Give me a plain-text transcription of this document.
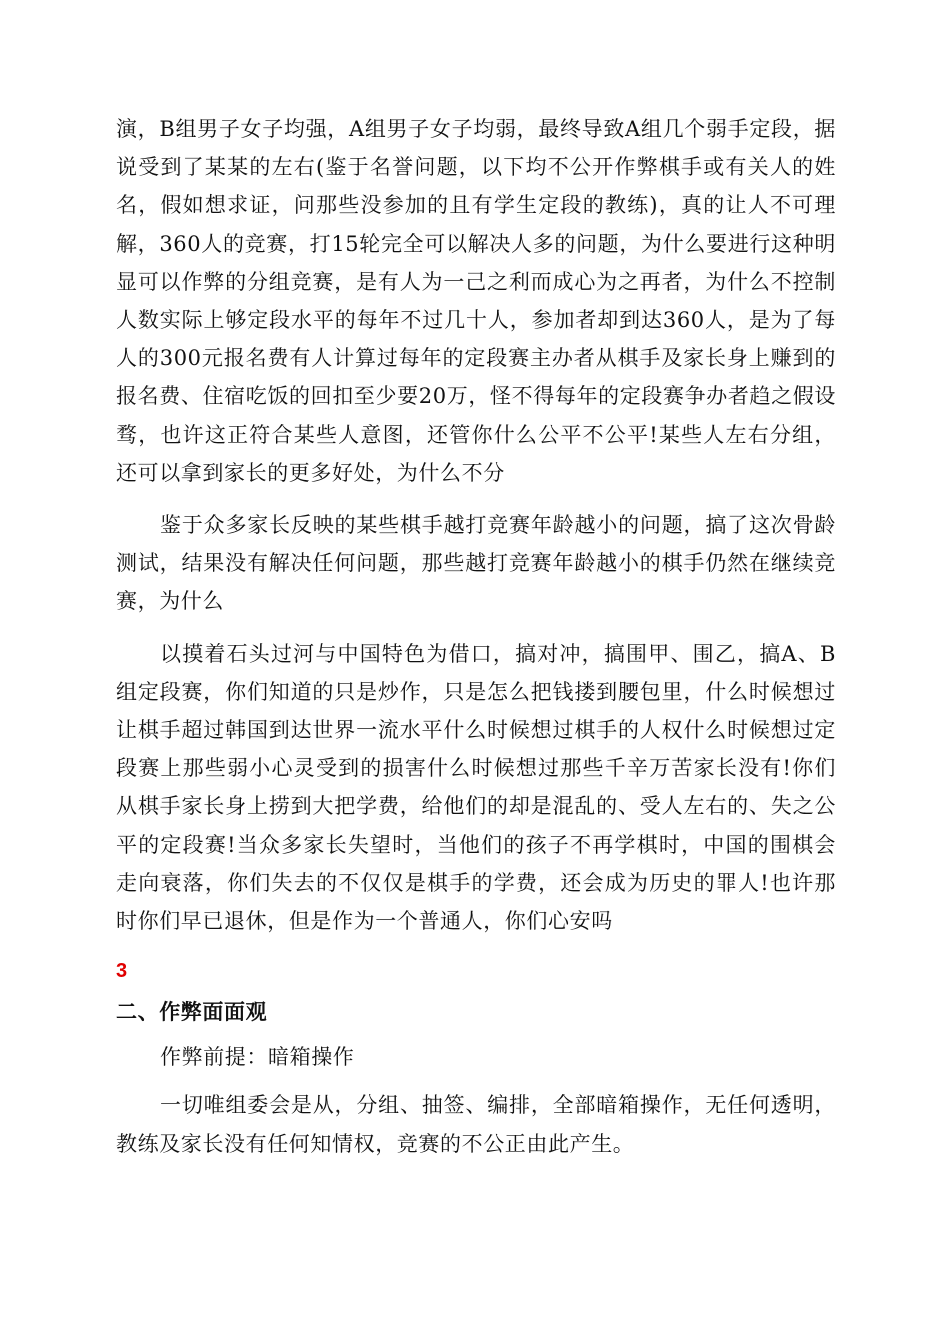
演，B组男子女子均强，A组男子女子均弱，最终导致A组几个弱手定段，据说受到了某某的左右(鉴于名誉问题，以下均不公开作弊棋手或有关人的姓名，假如想求证，问那些没参加的且有学生定段的教练)，真的让人不可理解，360人的竞赛，打15轮完全可以解决人多的问题，为什么要进行这种明显可以作弊的分组竞赛，是有人为一己之利而成心为之再者，为什么不控制人数实际上够定段水平的每年不过几十人，参加者却到达360人，是为了每人的300元报名费有人计算过每年的定段赛主办者从棋手及家长身上赚到的报名费、住宿吃饭的回扣至少要20万，怪不得每年的定段赛争办者趋之假设骛，也许这正符合某些人意图，还管你什么公平不公平!某些人左右分组，还可以拿到家长的更多好处，为什么不分

鉴于众多家长反映的某些棋手越打竞赛年龄越小的问题，搞了这次骨龄测试，结果没有解决任何问题，那些越打竞赛年龄越小的棋手仍然在继续竞赛，为什么

以摸着石头过河与中国特色为借口，搞对冲，搞围甲、围乙，搞A、B组定段赛，你们知道的只是炒作，只是怎么把钱搂到腰包里，什么时候想过让棋手超过韩国到达世界一流水平什么时候想过棋手的人权什么时候想过定段赛上那些弱小心灵受到的损害什么时候想过那些千辛万苦家长没有!你们从棋手家长身上捞到大把学费，给他们的却是混乱的、受人左右的、失之公平的定段赛!当众多家长失望时，当他们的孩子不再学棋时，中国的围棋会走向衰落，你们失去的不仅仅是棋手的学费，还会成为历史的罪人!也许那时你们早已退休，但是作为一个普通人，你们心安吗

3
二、作弊面面观

作弊前提：暗箱操作

一切唯组委会是从，分组、抽签、编排，全部暗箱操作，无任何透明，教练及家长没有任何知情权，竞赛的不公正由此产生。
